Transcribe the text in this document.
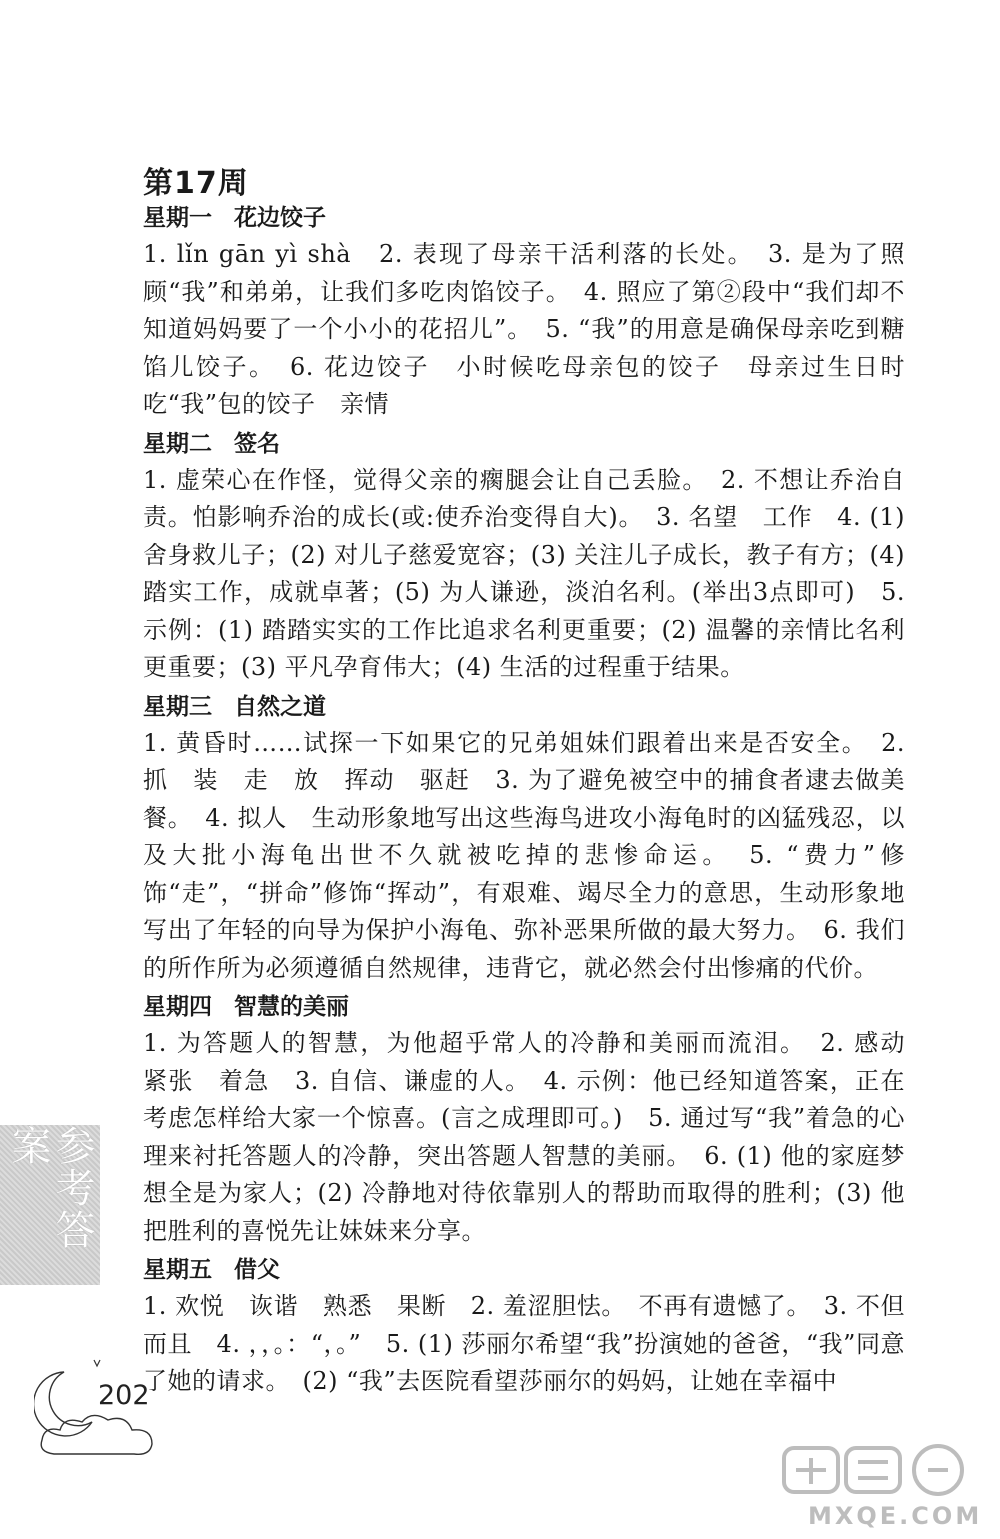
第17周
星期一 花边饺子
1. lǐn gān yì shà　2. 表现了母亲干活利落的长处。　3. 是为了照顾“我”和弟弟，让我们多吃肉馅饺子。　4. 照应了第②段中“我们却不知道妈妈要了一个小小的花招儿”。　5. “我”的用意是确保母亲吃到糖馅儿饺子。　6. 花边饺子　小时候吃母亲包的饺子　母亲过生日时吃“我”包的饺子　亲情
星期二 签名
1. 虚荣心在作怪，觉得父亲的瘸腿会让自己丢脸。　2. 不想让乔治自责。怕影响乔治的成长(或:使乔治变得自大)。　3. 名望　工作　4. (1) 舍身救儿子；(2) 对儿子慈爱宽容；(3) 关注儿子成长，教子有方；(4) 踏实工作，成就卓著；(5) 为人谦逊，淡泊名利。(举出3点即可)　5. 示例：(1) 踏踏实实的工作比追求名利更重要；(2) 温馨的亲情比名利更重要；(3) 平凡孕育伟大；(4) 生活的过程重于结果。
星期三 自然之道
1. 黄昏时……试探一下如果它的兄弟姐妹们跟着出来是否安全。　2. 抓　装　走　放　挥动　驱赶　3. 为了避免被空中的捕食者逮去做美餐。　4. 拟人　生动形象地写出这些海鸟进攻小海龟时的凶猛残忍，以及大批小海龟出世不久就被吃掉的悲惨命运。　5. “费力”修饰“走”，“拼命”修饰“挥动”，有艰难、竭尽全力的意思，生动形象地写出了年轻的向导为保护小海龟、弥补恶果所做的最大努力。　6. 我们的所作所为必须遵循自然规律，违背它，就必然会付出惨痛的代价。
星期四 智慧的美丽
1. 为答题人的智慧，为他超乎常人的冷静和美丽而流泪。　2. 感动　紧张　着急　3. 自信、谦虚的人。　4. 示例：他已经知道答案，正在考虑怎样给大家一个惊喜。(言之成理即可。)　5. 通过写“我”着急的心理来衬托答题人的冷静，突出答题人智慧的美丽。　6. (1) 他的家庭梦想全是为家人；(2) 冷静地对待依靠别人的帮助而取得的胜利；(3) 他把胜利的喜悦先让妹妹来分享。
星期五 借父
1. 欢悦　诙谐　熟悉　果断　2. 羞涩胆怯。　不再有遗憾了。　3. 不但　而且　4. ，，。：“，。”　5. (1) 莎丽尔希望“我”扮演她的爸爸，“我”同意了她的请求。　(2) “我”去医院看望莎丽尔的妈妈，让她在幸福中
参考答案
202
MXQE.COM
